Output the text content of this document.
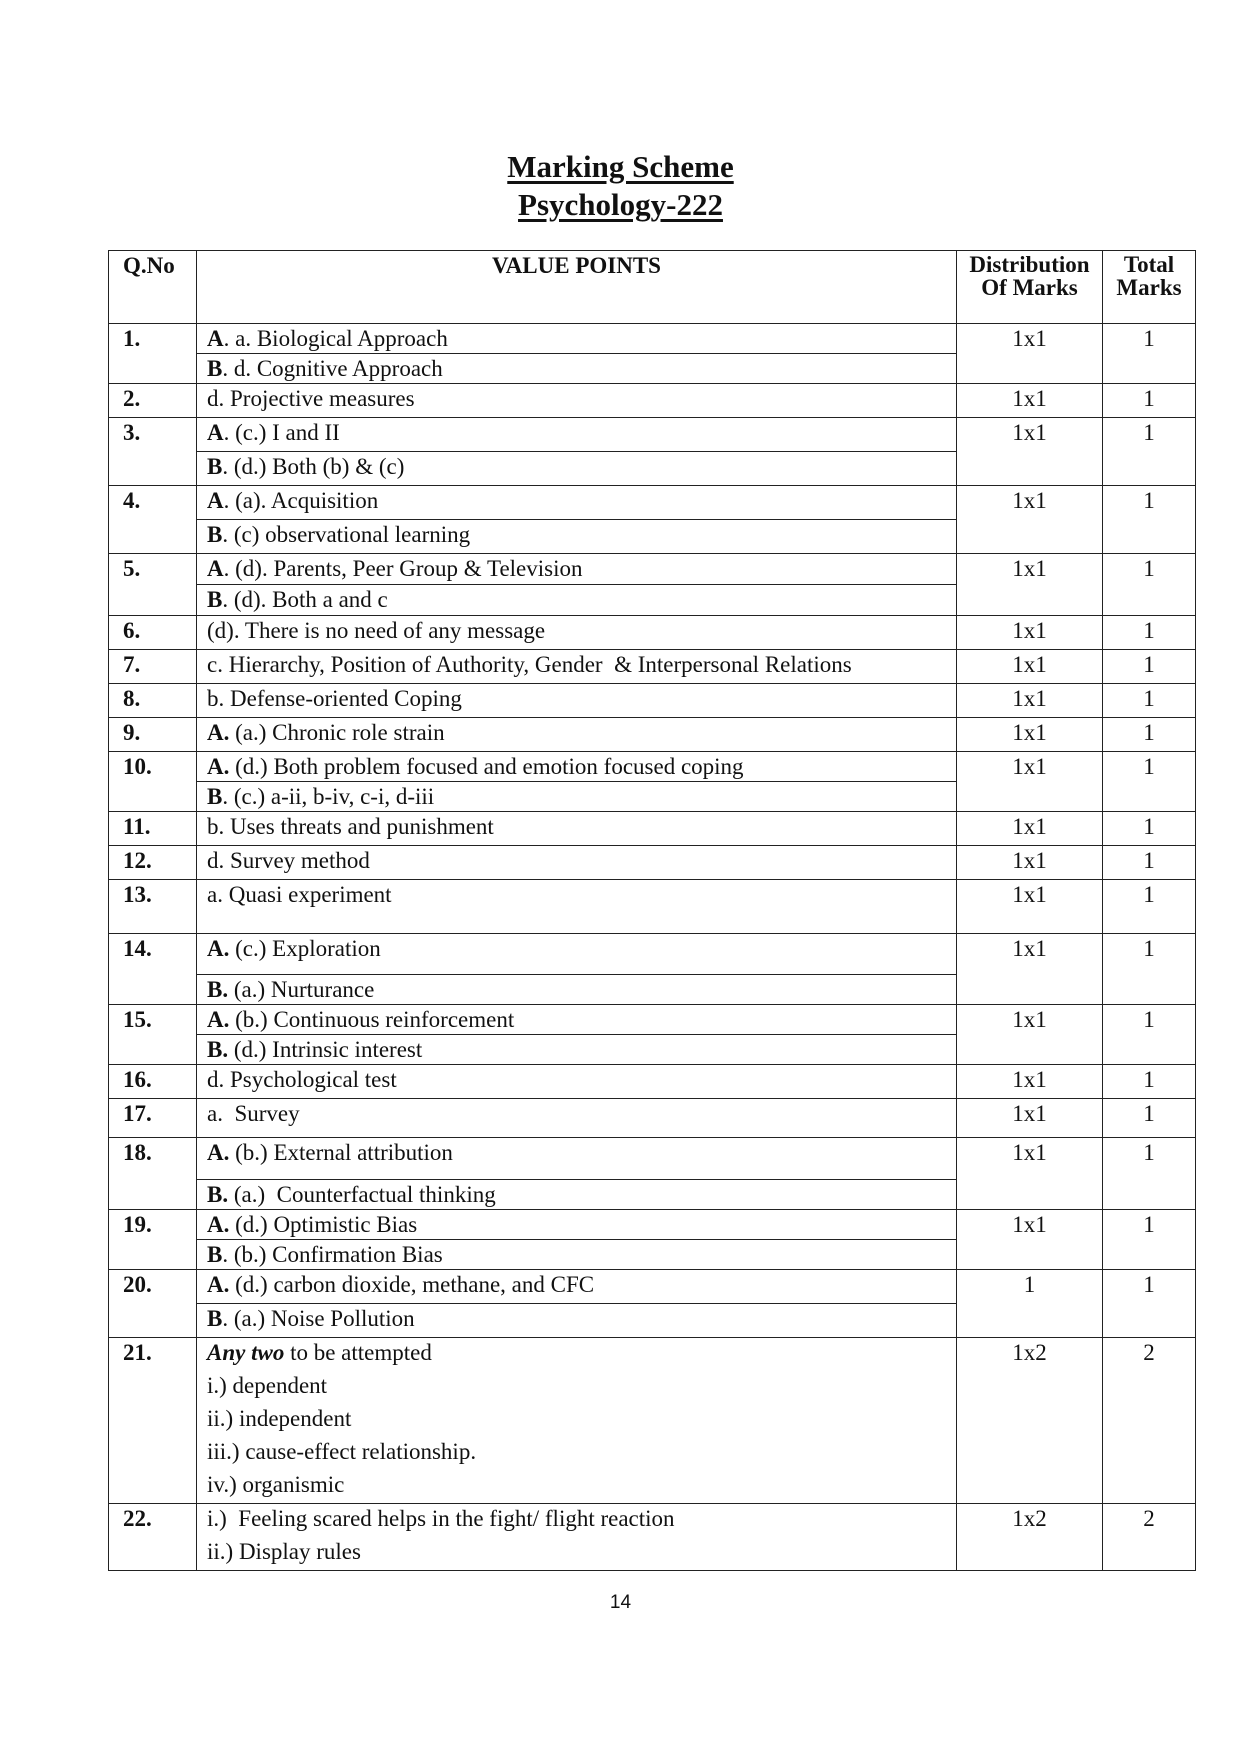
Marking Scheme
Psychology-222
Q.No	VALUE POINTS	Distribution Of Marks	Total Marks
1.	A. a. Biological Approach
B. d. Cognitive Approach	1x1	1
2.	d. Projective measures	1x1	1
3.	A. (c.) I and II
B. (d.) Both (b) & (c)	1x1	1
4.	A. (a). Acquisition
B. (c) observational learning	1x1	1
5.	A. (d). Parents, Peer Group & Television
B. (d). Both a and c	1x1	1
6.	(d). There is no need of any message	1x1	1
7.	c. Hierarchy, Position of Authority, Gender  & Interpersonal Relations	1x1	1
8.	b. Defense-oriented Coping	1x1	1
9.	A. (a.) Chronic role strain	1x1	1
10.	A. (d.) Both problem focused and emotion focused coping
B. (c.) a-ii, b-iv, c-i, d-iii	1x1	1
11.	b. Uses threats and punishment	1x1	1
12.	d. Survey method	1x1	1
13.	a. Quasi experiment	1x1	1
14.	A. (c.) Exploration
B. (a.) Nurturance	1x1	1
15.	A. (b.) Continuous reinforcement
B. (d.) Intrinsic interest	1x1	1
16.	d. Psychological test	1x1	1
17.	a.  Survey	1x1	1
18.	A. (b.) External attribution
B. (a.)  Counterfactual thinking	1x1	1
19.	A. (d.) Optimistic Bias
B. (b.) Confirmation Bias	1x1	1
20.	A. (d.) carbon dioxide, methane, and CFC
B. (a.) Noise Pollution	1	1
21.	Any two to be attempted
i.) dependent
ii.) independent
iii.) cause-effect relationship.
iv.) organismic	1x2	2
22.	i.)  Feeling scared helps in the fight/ flight reaction
ii.) Display rules	1x2	2
14
